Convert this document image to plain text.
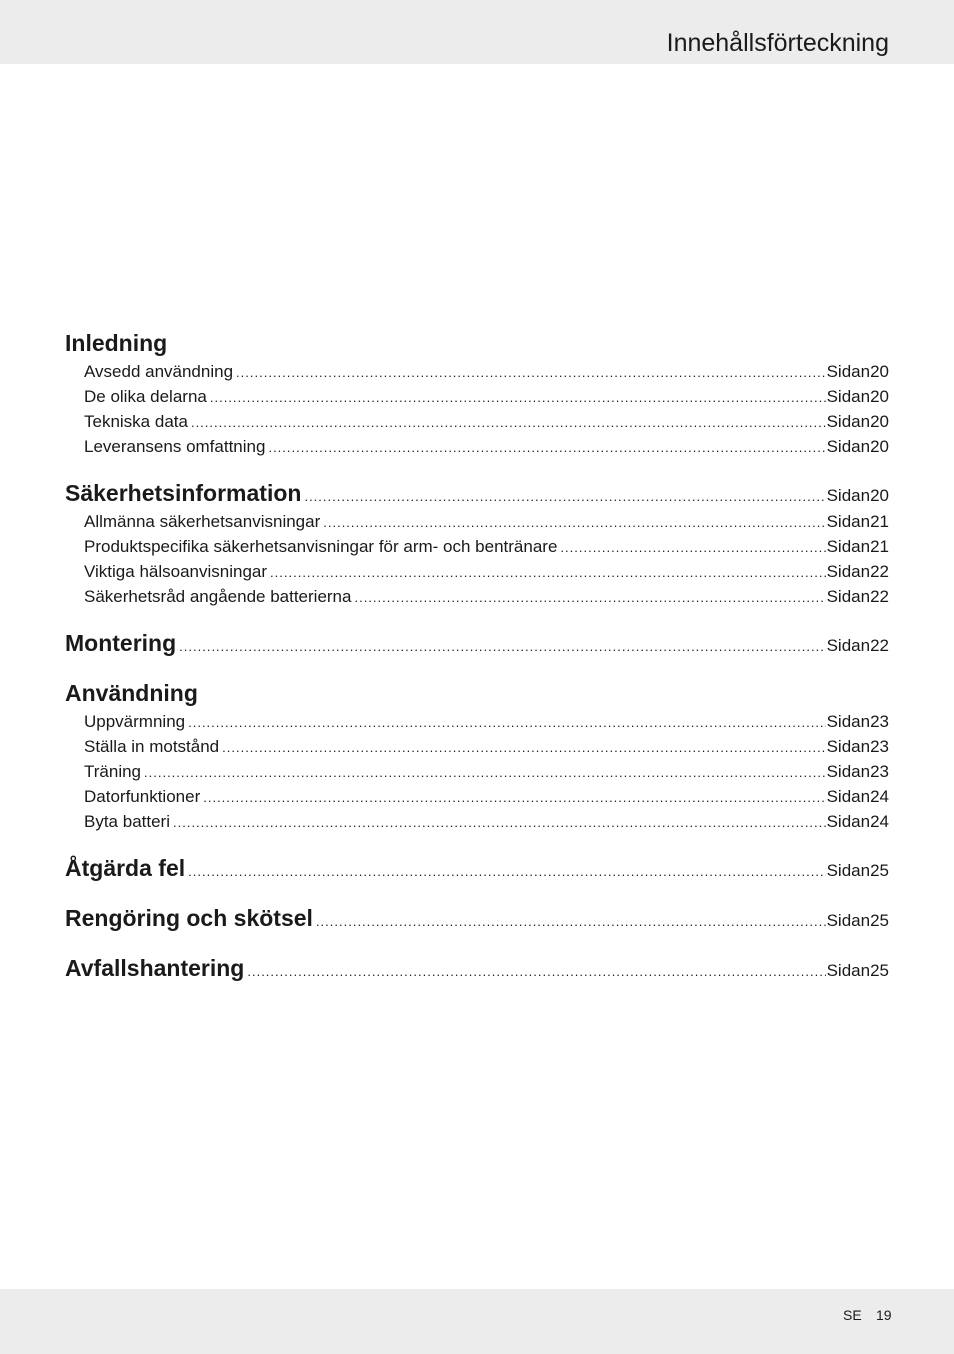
Innehållsförteckning
Inledning
Avsedd användning .....	Sidan 20
De olika delarna .....	Sidan 20
Tekniska data .....	Sidan 20
Leveransens omfattning .....	Sidan 20
Säkerhetsinformation .....	Sidan 20
Allmänna säkerhetsanvisningar .....	Sidan 21
Produktspecifika säkerhetsanvisningar för arm- och bentränare .....	Sidan 21
Viktiga hälsoanvisningar .....	Sidan 22
Säkerhetsråd angående batterierna .....	Sidan 22
Montering .....	Sidan 22
Användning
Uppvärmning .....	Sidan 23
Ställa in motstånd .....	Sidan 23
Träning .....	Sidan 23
Datorfunktioner .....	Sidan 24
Byta batteri .....	Sidan 24
Åtgärda fel .....	Sidan 25
Rengöring och skötsel .....	Sidan 25
Avfallshantering .....	Sidan 25
SE 19
